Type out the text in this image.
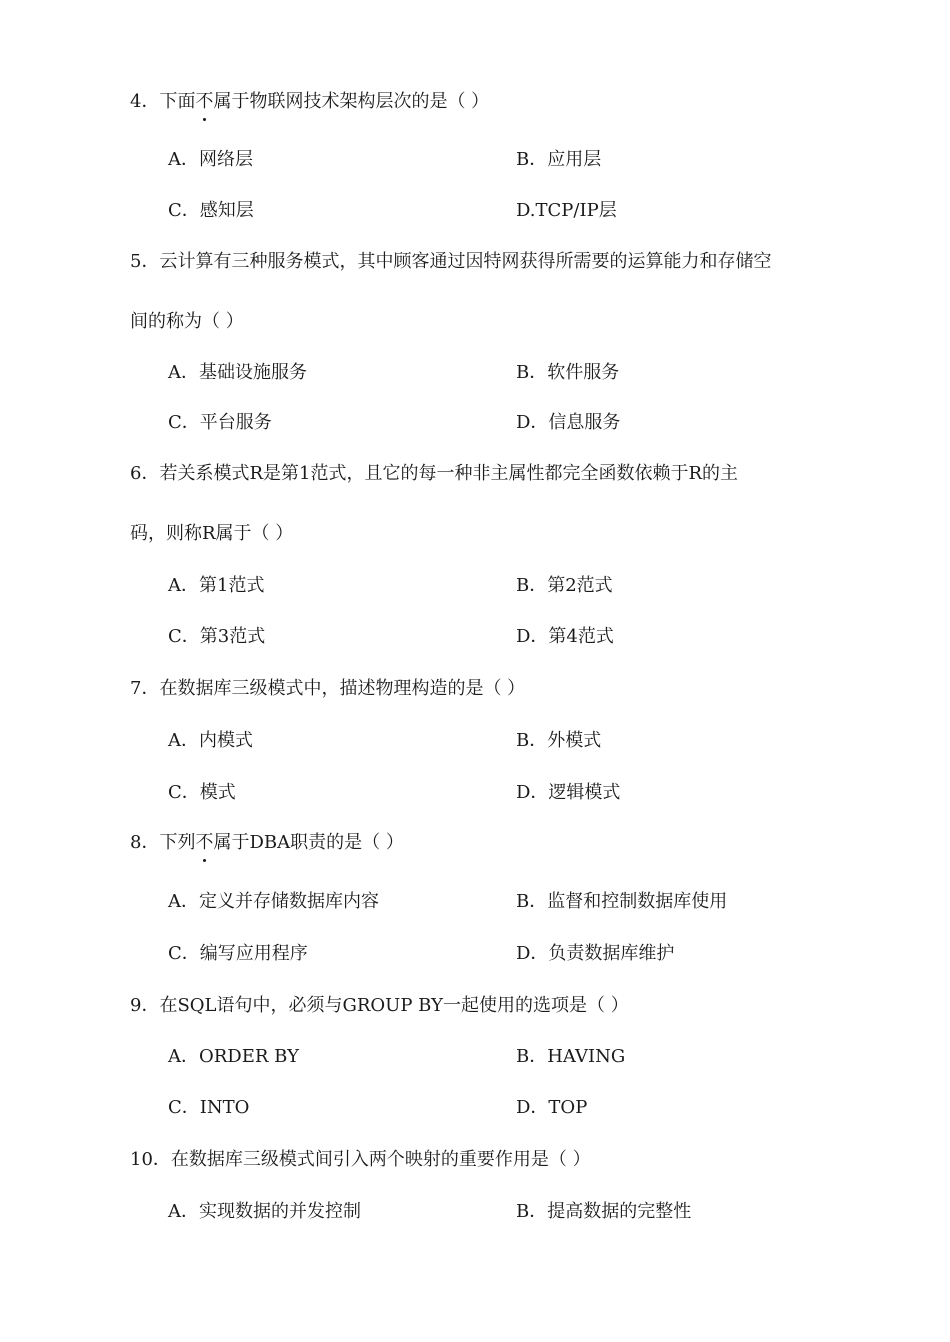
4．下面不属于物联网技术架构层次的是（ ）
A．网络层	B．应用层
C．感知层	D.TCP/IP层
5．云计算有三种服务模式，其中顾客通过因特网获得所需要的运算能力和存储空
间的称为（ ）
A．基础设施服务	B．软件服务
C．平台服务	D．信息服务
6．若关系模式R是第1范式，且它的每一种非主属性都完全函数依赖于R的主
码，则称R属于（ ）
A．第1范式	B．第2范式
C．第3范式	D．第4范式
7．在数据库三级模式中，描述物理构造的是（ ）
A．内模式	B．外模式
C．模式	D．逻辑模式
8．下列不属于DBA职责的是（ ）
A．定义并存储数据库内容	B．监督和控制数据库使用
C．编写应用程序	D．负责数据库维护
9．在SQL语句中，必须与GROUP BY一起使用的选项是（ ）
A．ORDER BY	B．HAVING
C．INTO	D．TOP
10．在数据库三级模式间引入两个映射的重要作用是（ ）
A．实现数据的并发控制	B．提高数据的完整性
